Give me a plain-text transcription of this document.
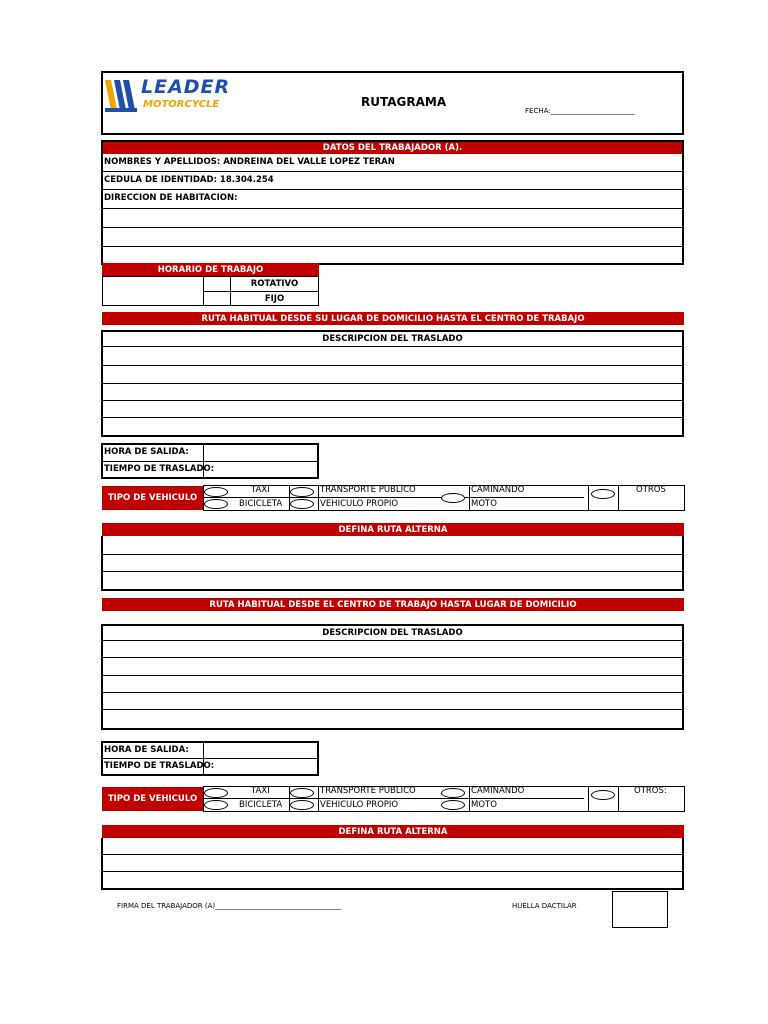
LEADER
MOTORCYCLE	RUTAGRAMA
FECHA:________________________
DATOS DEL TRABAJADOR (A).
NOMBRES Y APELLIDOS: ANDREINA DEL VALLE LOPEZ TERAN
CEDULA DE IDENTIDAD: 18.304.254
DIRECCION DE HABITACION:
HORARIO DE TRABAJO
ROTATIVO
FIJO
RUTA HABITUAL DESDE SU LUGAR DE DOMICILIO HASTA EL CENTRO DE TRABAJO
DESCRIPCION DEL TRASLADO
HORA DE SALIDA:
TIEMPO DE TRASLADO:
TIPO DE VEHICULO
TAXI
BICICLETA
TRANSPORTE PUBLICO
VEHICULO PROPIO
CAMINANDO
MOTO
OTROS
DEFINA RUTA ALTERNA
RUTA HABITUAL DESDE EL CENTRO DE TRABAJO HASTA LUGAR DE DOMICILIO
DESCRIPCION DEL TRASLADO
HORA DE SALIDA:
TIEMPO DE TRASLADO:
TIPO DE VEHICULO
TAXI
BICICLETA
TRANSPORTE PUBLICO
VEHICULO PROPIO
CAMINANDO
MOTO
OTROS:
DEFINA RUTA ALTERNA
FIRMA DEL TRABAJADOR (A)____________________________________	HUELLA DACTILAR
